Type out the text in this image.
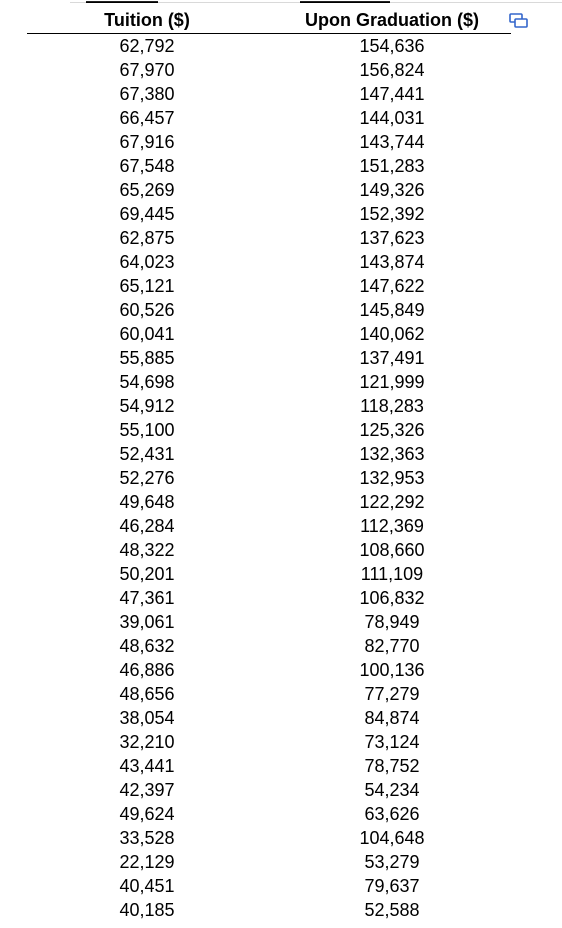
Tuition ($)	Upon Graduation ($)
62,792	154,636
67,970	156,824
67,380	147,441
66,457	144,031
67,916	143,744
67,548	151,283
65,269	149,326
69,445	152,392
62,875	137,623
64,023	143,874
65,121	147,622
60,526	145,849
60,041	140,062
55,885	137,491
54,698	121,999
54,912	118,283
55,100	125,326
52,431	132,363
52,276	132,953
49,648	122,292
46,284	112,369
48,322	108,660
50,201	111,109
47,361	106,832
39,061	78,949
48,632	82,770
46,886	100,136
48,656	77,279
38,054	84,874
32,210	73,124
43,441	78,752
42,397	54,234
49,624	63,626
33,528	104,648
22,129	53,279
40,451	79,637
40,185	52,588
